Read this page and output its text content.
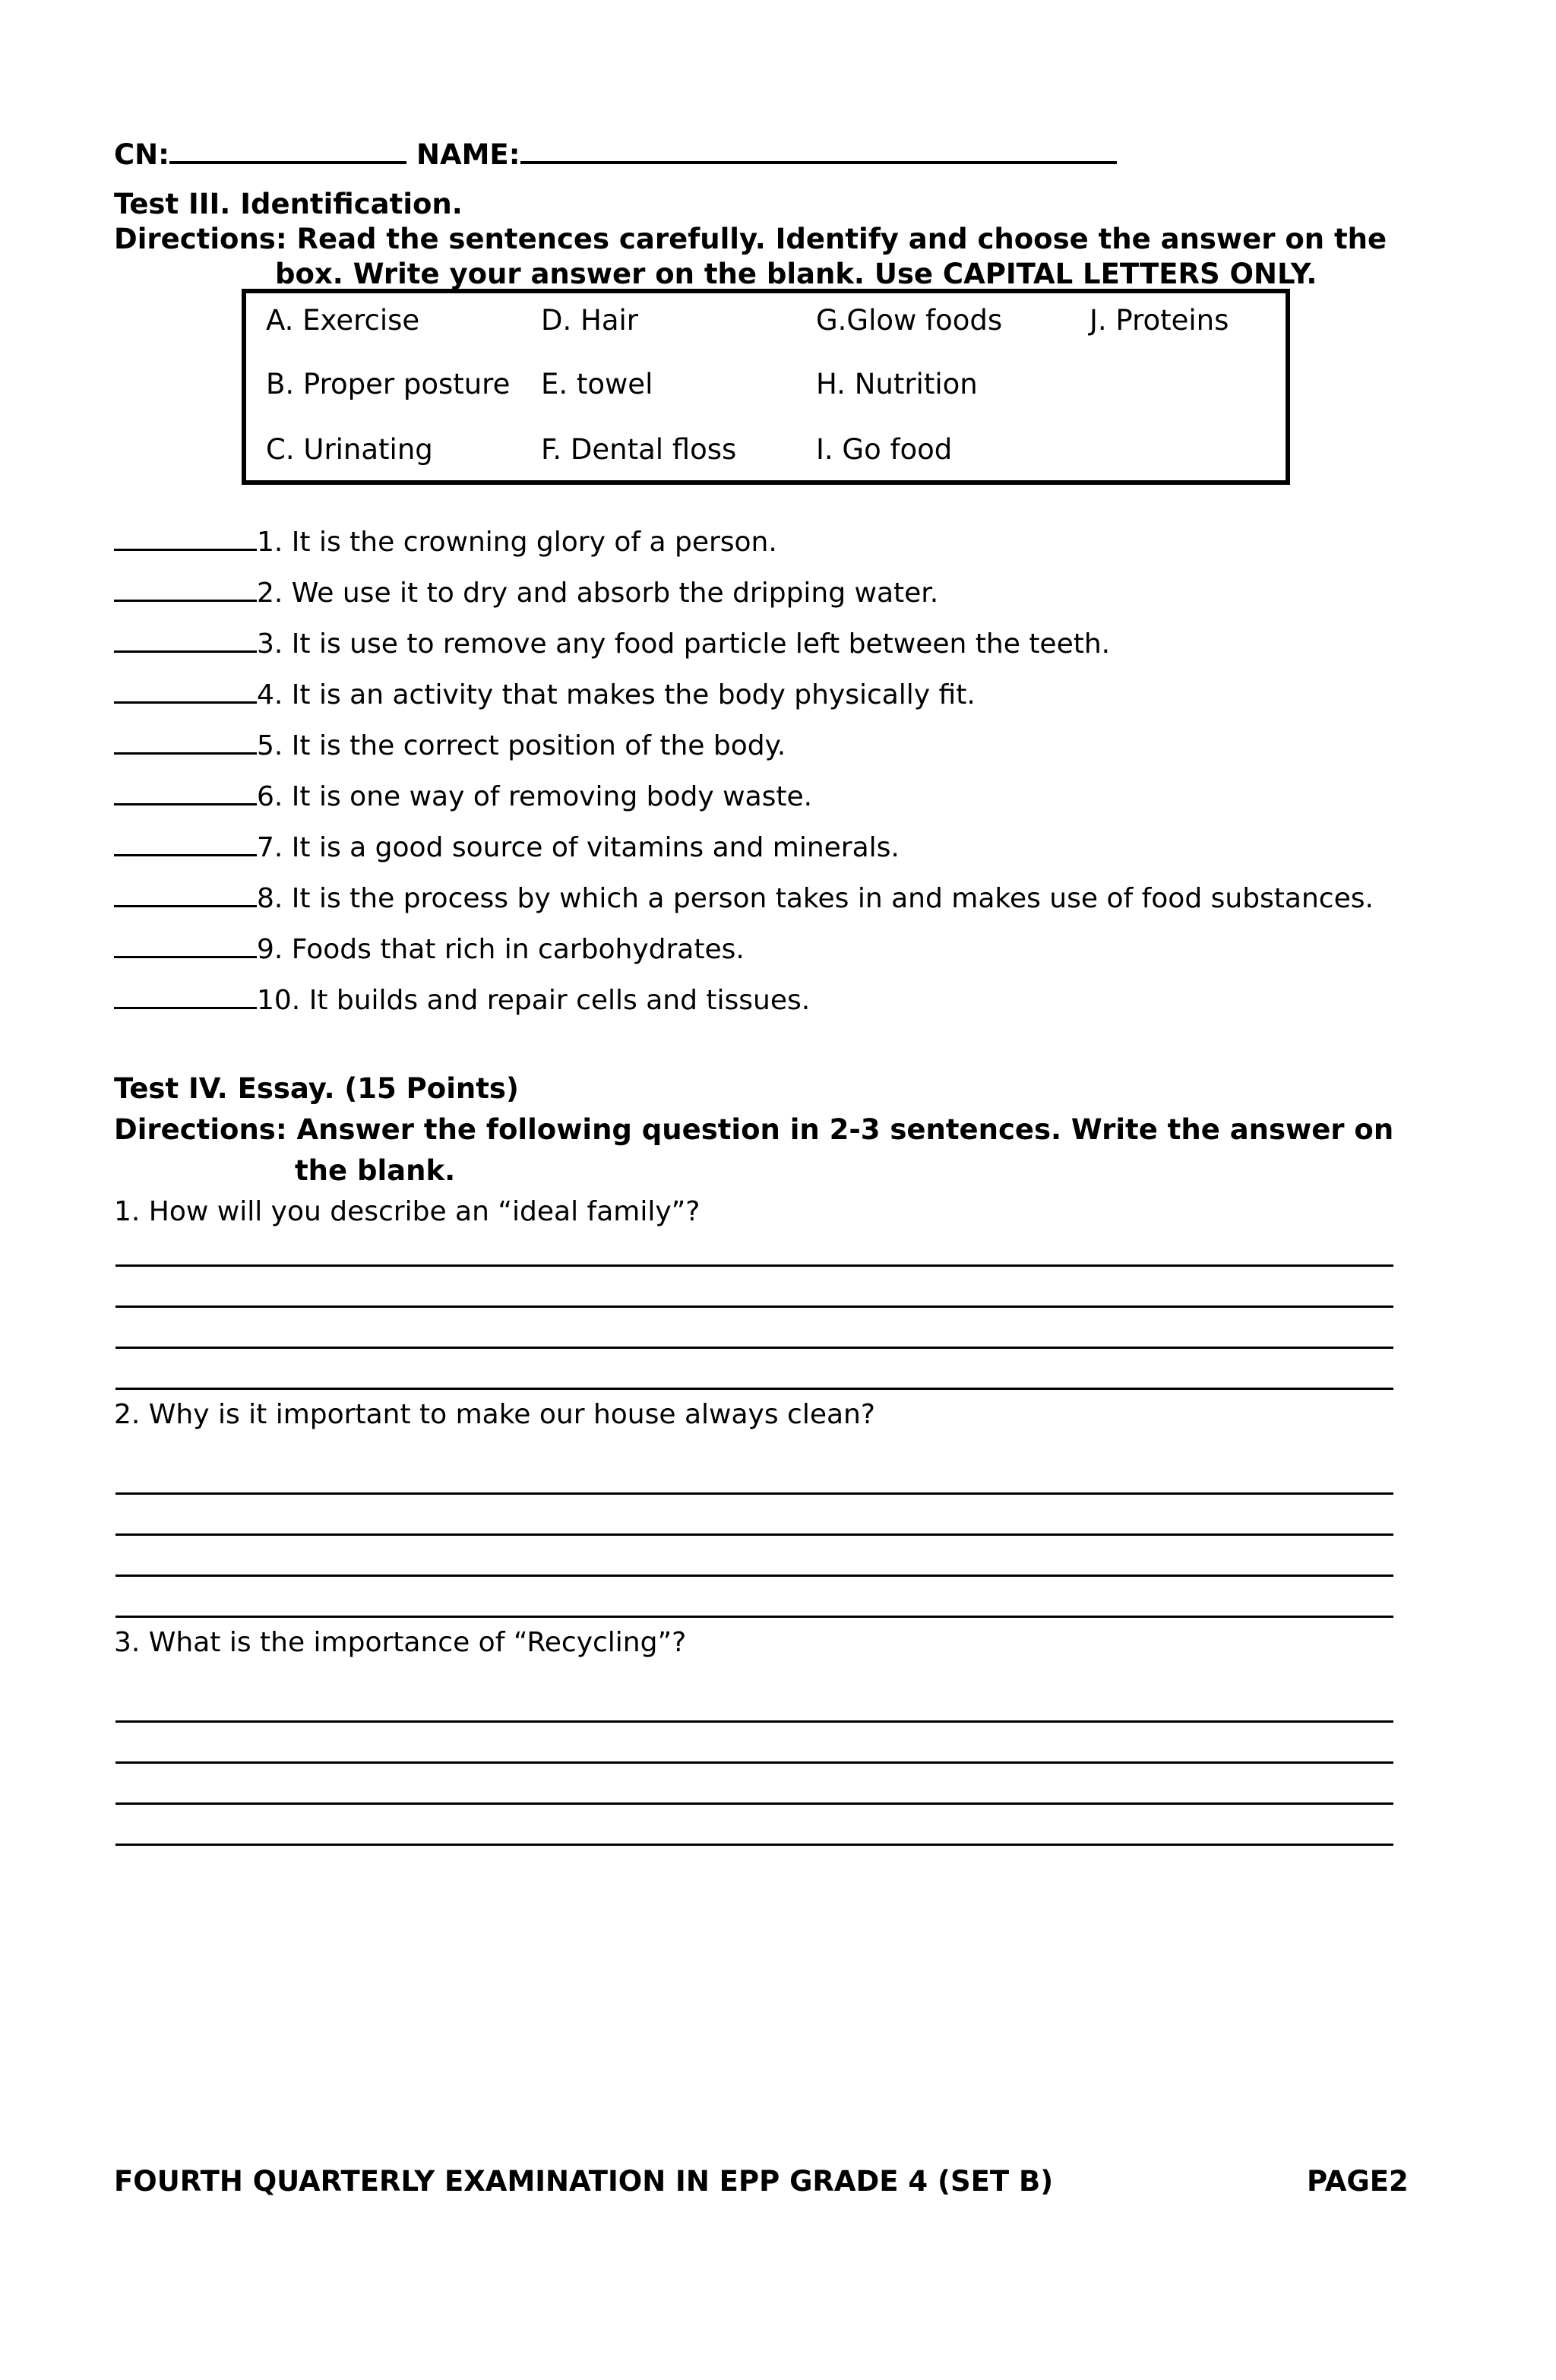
CN:	NAME:
Test III. Identification.
Directions: Read the sentences carefully. Identify and choose the answer on the
box. Write your answer on the blank. Use CAPITAL LETTERS ONLY.
A. Exercise	D. Hair	G.Glow foods	J. Proteins
B. Proper posture E. towel	H. Nutrition
C. Urinating	F. Dental floss	I. Go food
1. It is the crowning glory of a person.
2. We use it to dry and absorb the dripping water.
3. It is use to remove any food particle left between the teeth.
4. It is an activity that makes the body physically fit.
5. It is the correct position of the body.
6. It is one way of removing body waste.
7. It is a good source of vitamins and minerals.
8. It is the process by which a person takes in and makes use of food substances.
9. Foods that rich in carbohydrates.
10. It builds and repair cells and tissues.
Test IV. Essay. (15 Points)
Directions: Answer the following question in 2-3 sentences. Write the answer on
the blank.
1. How will you describe an “ideal family”?
2. Why is it important to make our house always clean?
3. What is the importance of “Recycling”?
FOURTH QUARTERLY EXAMINATION IN EPP GRADE 4 (SET B)	PAGE2
